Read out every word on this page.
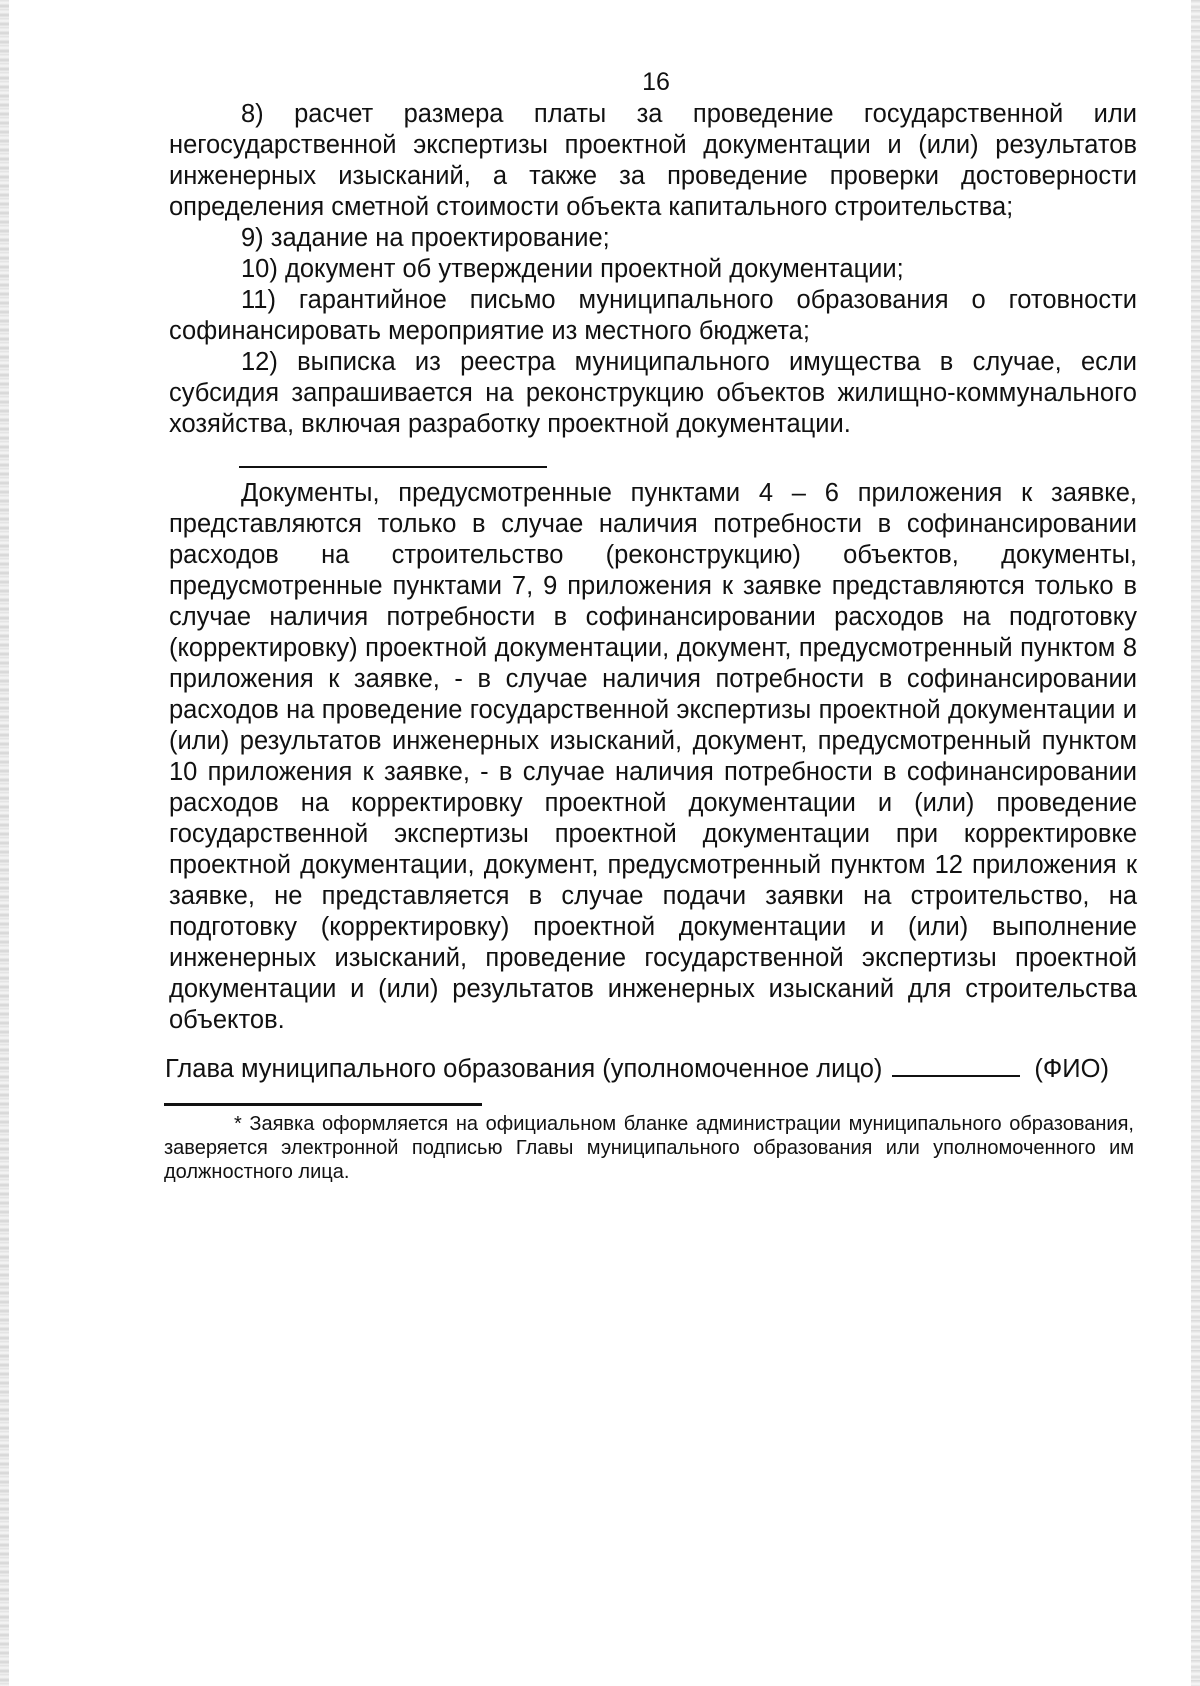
16

8) расчет размера платы за проведение государственной или негосударственной экспертизы проектной документации и (или) результатов инженерных изысканий, а также за проведение проверки достоверности определения сметной стоимости объекта капитального строительства;

9) задание на проектирование;

10) документ об утверждении проектной документации;

11) гарантийное письмо муниципального образования о готовности софинансировать мероприятие из местного бюджета;

12) выписка из реестра муниципального имущества в случае, если субсидия запрашивается на реконструкцию объектов жилищно-коммунального хозяйства, включая разработку проектной документации.

Документы, предусмотренные пунктами 4 – 6 приложения к заявке, представляются только в случае наличия потребности в софинансировании расходов на строительство (реконструкцию) объектов, документы, предусмотренные пунктами 7, 9 приложения к заявке представляются только в случае наличия потребности в софинансировании расходов на подготовку (корректировку) проектной документации, документ, предусмотренный пунктом 8 приложения к заявке, - в случае наличия потребности в софинансировании расходов на проведение государственной экспертизы проектной документации и (или) результатов инженерных изысканий, документ, предусмотренный пунктом 10 приложения к заявке, - в случае наличия потребности в софинансировании расходов на корректировку проектной документации и (или) проведение государственной экспертизы проектной документации при корректировке проектной документации, документ, предусмотренный пунктом 12 приложения к заявке, не представляется в случае подачи заявки на строительство, на подготовку (корректировку) проектной документации и (или) выполнение инженерных изысканий, проведение государственной экспертизы проектной документации и (или) результатов инженерных изысканий для строительства объектов.

Глава муниципального образования (уполномоченное лицо)	(ФИО)
* Заявка оформляется на официальном бланке администрации муниципального образования, заверяется электронной подписью Главы муниципального образования или уполномоченного им должностного лица.
